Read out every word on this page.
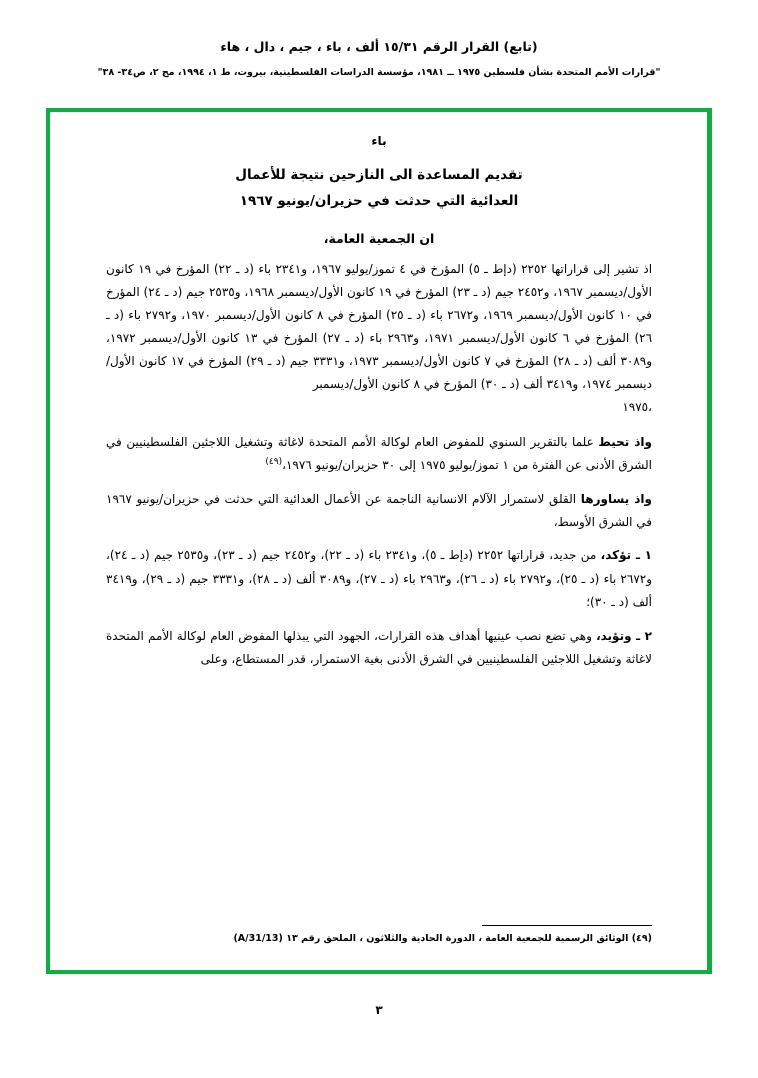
(تابع) القرار الرقم ١٥/٣١ ألف ، باء ، جيم ، دال ، هاء
"قرارات الأمم المتحدة بشأن فلسطين ١٩٧٥ ــ ١٩٨١، مؤسسة الدراسات الفلسطينية، بيروت، ط ١، ١٩٩٤، مج ٢، ص٣٤- ٣٨"
باء
تقديم المساعدة الى النازحين نتيجة للأعمال
العدائية التي حدثت في حزيران/يونيو ١٩٦٧
ان الجمعية العامة،
اذ تشير إلى قراراتها ٢٢٥٢ (دإط ـ ٥) المؤرخ في ٤ تموز/يوليو ١٩٦٧، و٢٣٤١ باء (د ـ ٢٢) المؤرخ في ١٩ كانون الأول/ديسمبر ١٩٦٧، و٢٤٥٢ جيم (د ـ ٢٣) المؤرخ في ١٩ كانون الأول/ديسمبر ١٩٦٨، و٢٥٣٥ جيم (د ـ ٢٤) المؤرخ في ١٠ كانون الأول/ديسمبر ١٩٦٩، و٢٦٧٢ باء (د ـ ٢٥) المؤرخ في ٨ كانون الأول/ديسمبر ١٩٧٠، و٢٧٩٢ باء (د ـ ٢٦) المؤرخ في ٦ كانون الأول/ديسمبر ١٩٧١، و٢٩٦٣ باء (د ـ ٢٧) المؤرخ في ١٣ كانون الأول/ديسمبر ١٩٧٢، و٣٠٨٩ ألف (د ـ ٢٨) المؤرخ في ٧ كانون الأول/ديسمبر ١٩٧٣، و٣٣٣١ جيم (د ـ ٢٩) المؤرخ في ١٧ كانون الأول/ديسمبر ١٩٧٤، و٣٤١٩ ألف (د ـ ٣٠) المؤرخ في ٨ كانون الأول/ديسمبر
،١٩٧٥
واذ تحيط علما بالتقرير السنوي للمفوض العام لوكالة الأمم المتحدة لاغاثة وتشغيل اللاجئين الفلسطينيين في الشرق الأدنى عن الفترة من ١ تموز/يوليو ١٩٧٥ إلى ٣٠ حزيران/يونيو ١٩٧٦،$^{(٤٩)}$
واذ يساورها القلق لاستمرار الآلام الانسانية الناجمة عن الأعمال العدائية التي حدثت في حزيران/يونيو ١٩٦٧ في الشرق الأوسط،
١ ـ تؤكد، من جديد، قراراتها ٢٢٥٢ (دإط ـ ٥)، و٢٣٤١ باء (د ـ ٢٢)، و٢٤٥٢ جيم (د ـ ٢٣)، و٢٥٣٥ جيم (د ـ ٢٤)، و٢٦٧٢ باء (د ـ ٢٥)، و٢٧٩٢ باء (د ـ ٢٦)، و٢٩٦٣ باء (د ـ ٢٧)، و٣٠٨٩ ألف (د ـ ٢٨)، و٣٣٣١ جيم (د ـ ٢٩)، و٣٤١٩ ألف (د ـ ٣٠)؛
٢ ـ وتؤيد، وهي تضع نصب عينيها أهداف هذه القرارات، الجهود التي يبذلها المفوض العام لوكالة الأمم المتحدة لاغاثة وتشغيل اللاجئين الفلسطينيين في الشرق الأدنى بغية الاستمرار، قدر المستطاع، وعلى
(٤٩) الوثائق الرسمية للجمعية العامة ، الدورة الحادية والثلاثون ، الملحق رقم ١٣ (A/31/13)
٣
